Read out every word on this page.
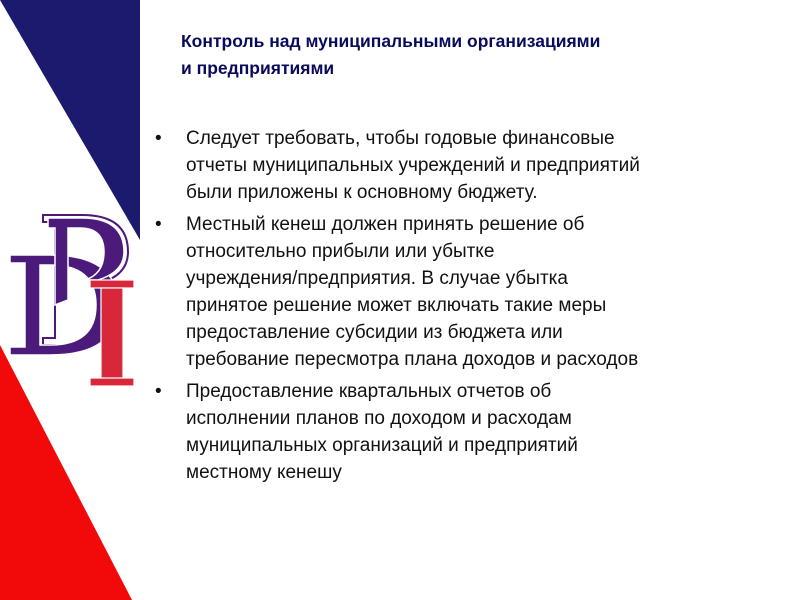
Контроль над муниципальными организациями
и предприятиями
•	Следует требовать, чтобы годовые финансовые
отчеты муниципальных учреждений и предприятий
были приложены к основному бюджету.
•	Местный кенеш должен принять решение об
относительно прибыли или убытке
учреждения/предприятия. В случае убытка
принятое решение может включать такие меры
предоставление субсидии из бюджета или
требование пересмотра плана доходов и расходов
•	Предоставление квартальных отчетов об
исполнении планов по доходом и расходам
муниципальных организаций и предприятий
местному кенешу
